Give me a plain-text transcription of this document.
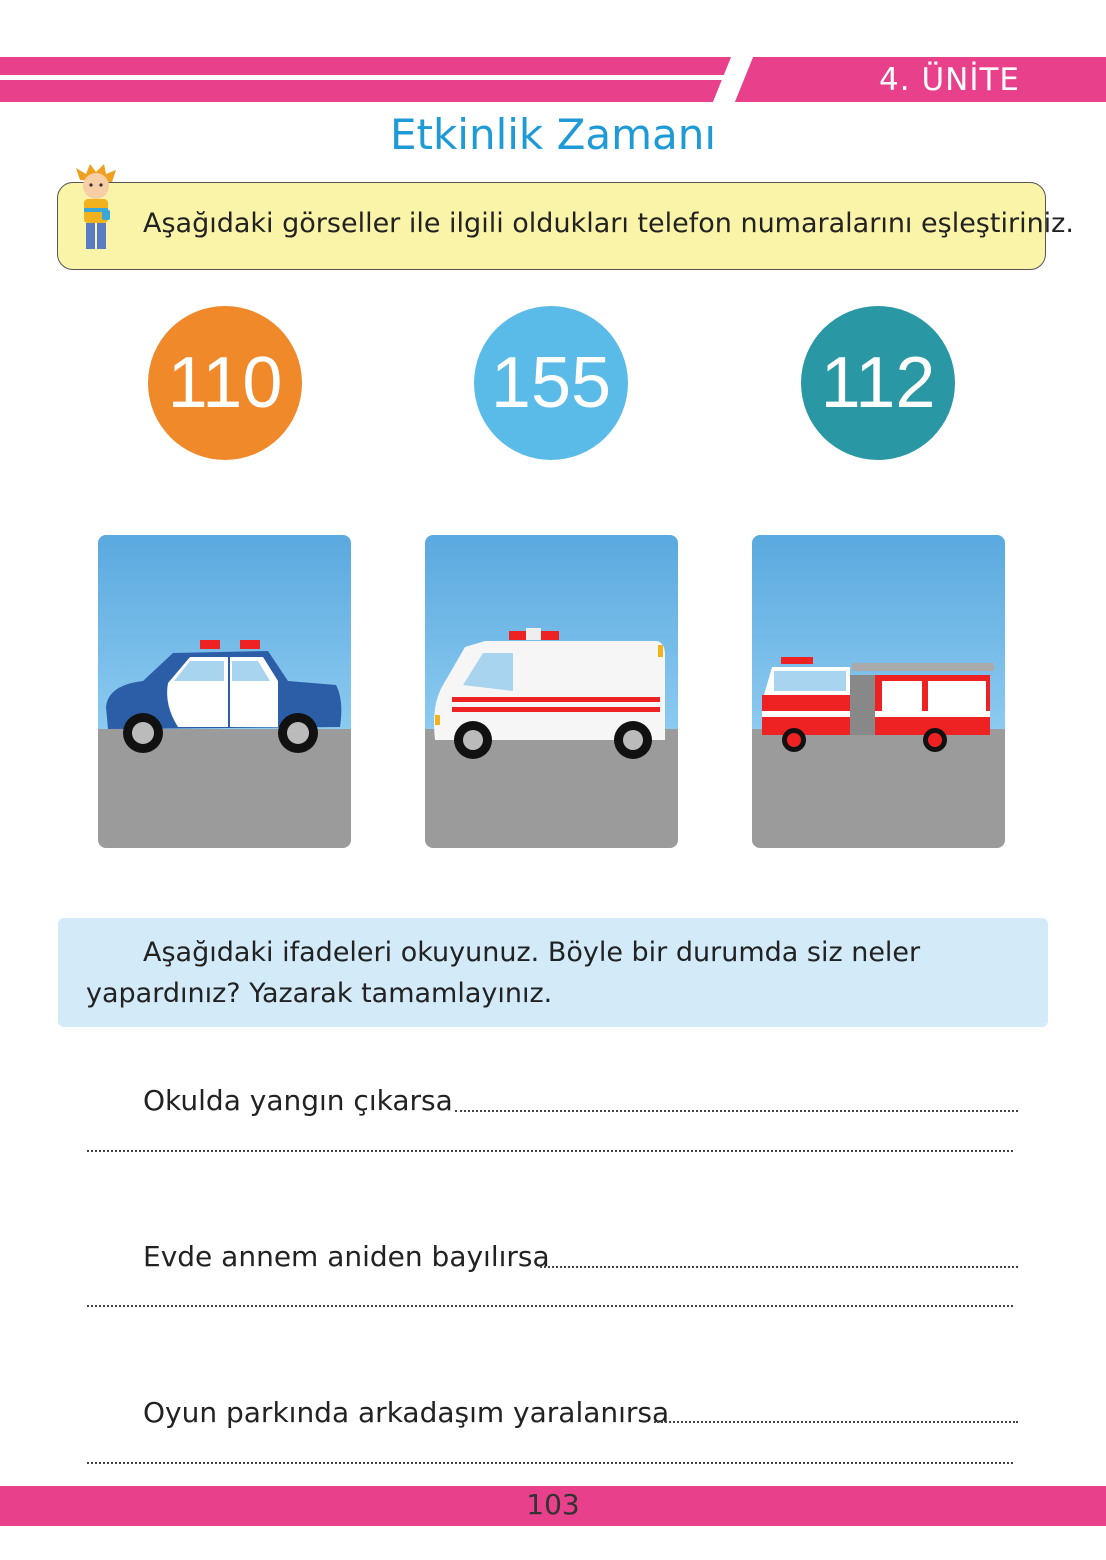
4. ÜNİTE
Etkinlik Zamanı
Aşağıdaki görseller ile ilgili oldukları telefon numaralarını eşleştiriniz.
110	155	112
Aşağıdaki ifadeleri okuyunuz. Böyle bir durumda siz neler yapardınız? Yazarak tamamlayınız.
Okulda yangın çıkarsa
Evde annem aniden bayılırsa
Oyun parkında arkadaşım yaralanırsa
103
